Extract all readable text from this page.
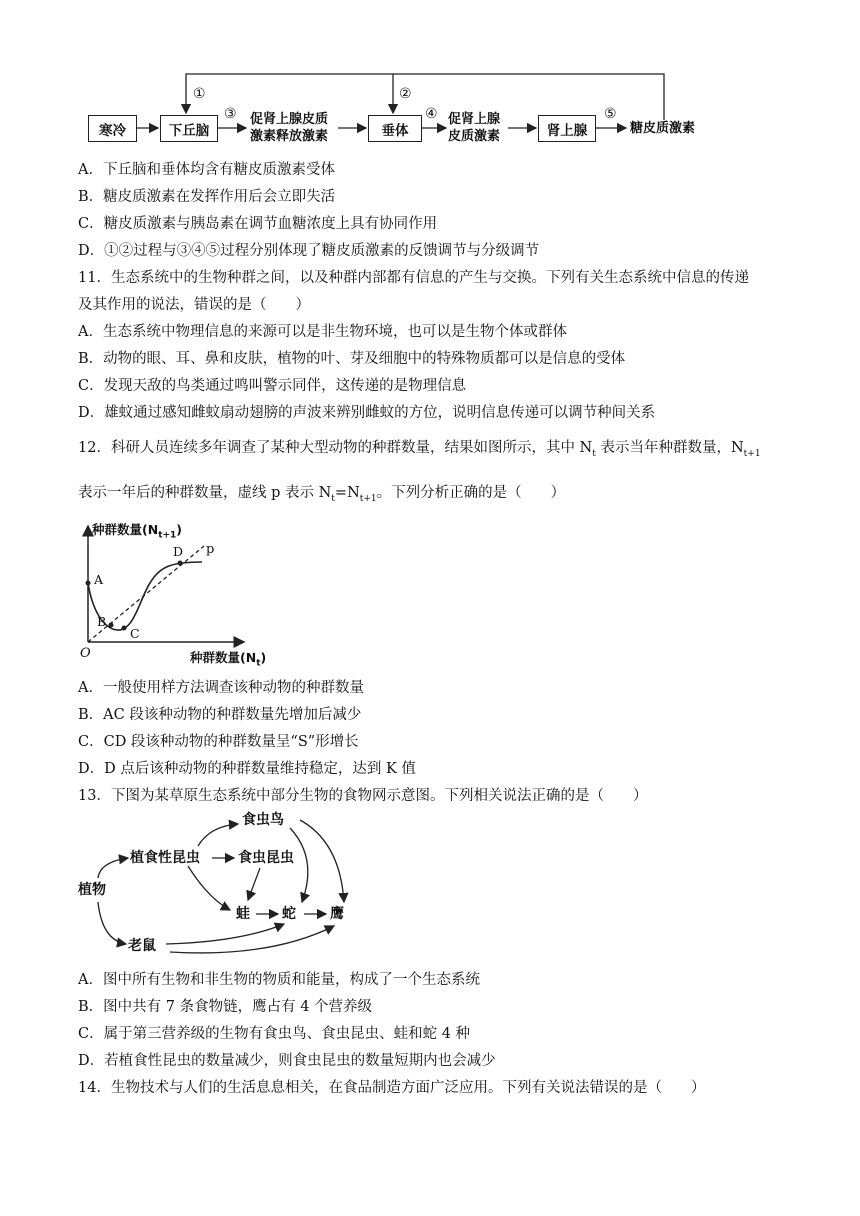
寒冷	下丘脑	垂体	肾上腺
促肾上腺皮质
激素释放激素
促肾上腺
皮质激素
糖皮质激素
①	②
③	④	⑤
A．下丘脑和垂体均含有糖皮质激素受体
B．糖皮质激素在发挥作用后会立即失活
C．糖皮质激素与胰岛素在调节血糖浓度上具有协同作用
D．①②过程与③④⑤过程分别体现了糖皮质激素的反馈调节与分级调节
11．生态系统中的生物种群之间，以及种群内部都有信息的产生与交换。下列有关生态系统中信息的传递
及其作用的说法，错误的是（　　）
A．生态系统中物理信息的来源可以是非生物环境，也可以是生物个体或群体
B．动物的眼、耳、鼻和皮肤，植物的叶、芽及细胞中的特殊物质都可以是信息的受体
C．发现天敌的鸟类通过鸣叫警示同伴，这传递的是物理信息
D．雄蚊通过感知雌蚊扇动翅膀的声波来辨别雌蚊的方位，说明信息传递可以调节种间关系
12．科研人员连续多年调查了某种大型动物的种群数量，结果如图所示，其中 $N_t$ 表示当年种群数量，$N_{t+1}$
表示一年后的种群数量，虚线 p 表示 $N_t=N_{t+1}$。下列分析正确的是（　　）
种群数量$(N_{t+1})$
种群数量$(N_t)$
O
A
B
C
D p
A．一般使用样方法调查该种动物的种群数量
B．AC 段该种动物的种群数量先增加后减少
C．CD 段该种动物的种群数量呈“S”形增长
D．D 点后该种动物的种群数量维持稳定，达到 K 值
13．下图为某草原生态系统中部分生物的食物网示意图。下列相关说法正确的是（　　）
植物
植食性昆虫
食虫鸟
食虫昆虫
蛙 蛇 鹰
老鼠
A．图中所有生物和非生物的物质和能量，构成了一个生态系统
B．图中共有 7 条食物链，鹰占有 4 个营养级
C．属于第三营养级的生物有食虫鸟、食虫昆虫、蛙和蛇 4 种
D．若植食性昆虫的数量减少，则食虫昆虫的数量短期内也会减少
14．生物技术与人们的生活息息相关，在食品制造方面广泛应用。下列有关说法错误的是（　　）
